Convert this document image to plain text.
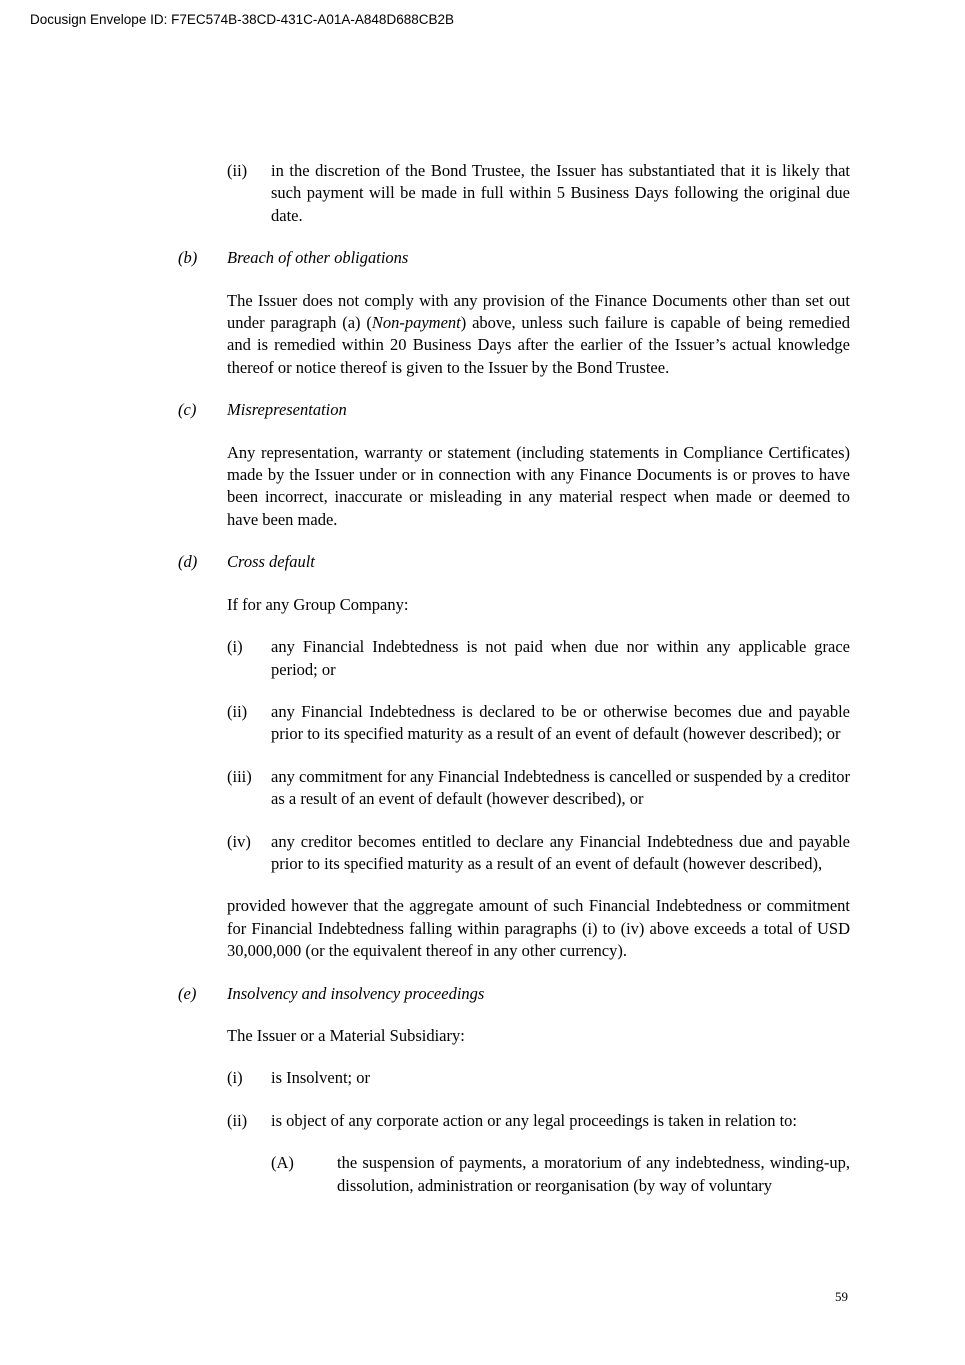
Docusign Envelope ID: F7EC574B-38CD-431C-A01A-A848D688CB2B
(ii)	in the discretion of the Bond Trustee, the Issuer has substantiated that it is likely that such payment will be made in full within 5 Business Days following the original due date.
(b)	Breach of other obligations
The Issuer does not comply with any provision of the Finance Documents other than set out under paragraph (a) (Non-payment) above, unless such failure is capable of being remedied and is remedied within 20 Business Days after the earlier of the Issuer’s actual knowledge thereof or notice thereof is given to the Issuer by the Bond Trustee.
(c)	Misrepresentation
Any representation, warranty or statement (including statements in Compliance Certificates) made by the Issuer under or in connection with any Finance Documents is or proves to have been incorrect, inaccurate or misleading in any material respect when made or deemed to have been made.
(d)	Cross default
If for any Group Company:
(i)	any Financial Indebtedness is not paid when due nor within any applicable grace period; or
(ii)	any Financial Indebtedness is declared to be or otherwise becomes due and payable prior to its specified maturity as a result of an event of default (however described); or
(iii)	any commitment for any Financial Indebtedness is cancelled or suspended by a creditor as a result of an event of default (however described), or
(iv)	any creditor becomes entitled to declare any Financial Indebtedness due and payable prior to its specified maturity as a result of an event of default (however described),
provided however that the aggregate amount of such Financial Indebtedness or commitment for Financial Indebtedness falling within paragraphs (i) to (iv) above exceeds a total of USD 30,000,000 (or the equivalent thereof in any other currency).
(e)	Insolvency and insolvency proceedings
The Issuer or a Material Subsidiary:
(i)	is Insolvent; or
(ii)	is object of any corporate action or any legal proceedings is taken in relation to:
(A)	the suspension of payments, a moratorium of any indebtedness, winding-up, dissolution, administration or reorganisation (by way of voluntary
59
